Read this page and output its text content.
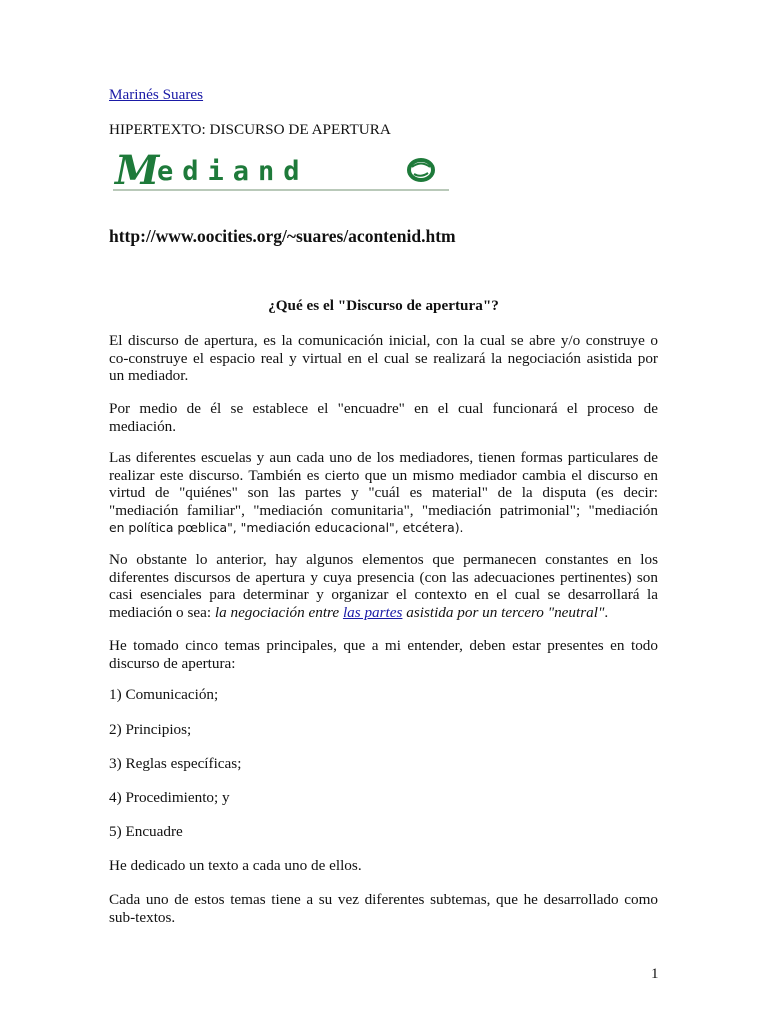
Marinés Suares

HIPERTEXTO: DISCURSO DE APERTURA

M
ediand

http://www.oocities.org/~suares/acontenid.htm

¿Qué es el "Discurso de apertura"?

El discurso de apertura, es la comunicación inicial, con la cual se abre y/o construye o
co-construye el espacio real y virtual en el cual se realizará la negociación asistida por
un mediador.

Por medio de él se establece el "encuadre" en el cual funcionará el proceso de
mediación.

Las diferentes escuelas y aun cada uno de los mediadores, tienen formas particulares de
realizar este discurso. También es cierto que un mismo mediador cambia el discurso en
virtud de "quiénes" son las partes y "cuál es material" de la disputa (es decir:
"mediación familiar", "mediación comunitaria", "mediación patrimonial"; "mediación
en política pœblica", "mediación educacional", etcétera).

No obstante lo anterior, hay algunos elementos que permanecen constantes en los
diferentes discursos de apertura y cuya presencia (con las adecuaciones pertinentes) son
casi esenciales para determinar y organizar el contexto en el cual se desarrollará la
mediación o sea: la negociación entre las partes asistida por un tercero "neutral".

He tomado cinco temas principales, que a mi entender, deben estar presentes en todo
discurso de apertura:

1) Comunicación;

2) Principios;

3) Reglas específicas;

4) Procedimiento; y

5) Encuadre

He dedicado un texto a cada uno de ellos.

Cada uno de estos temas tiene a su vez diferentes subtemas, que he desarrollado como
sub-textos.

1
